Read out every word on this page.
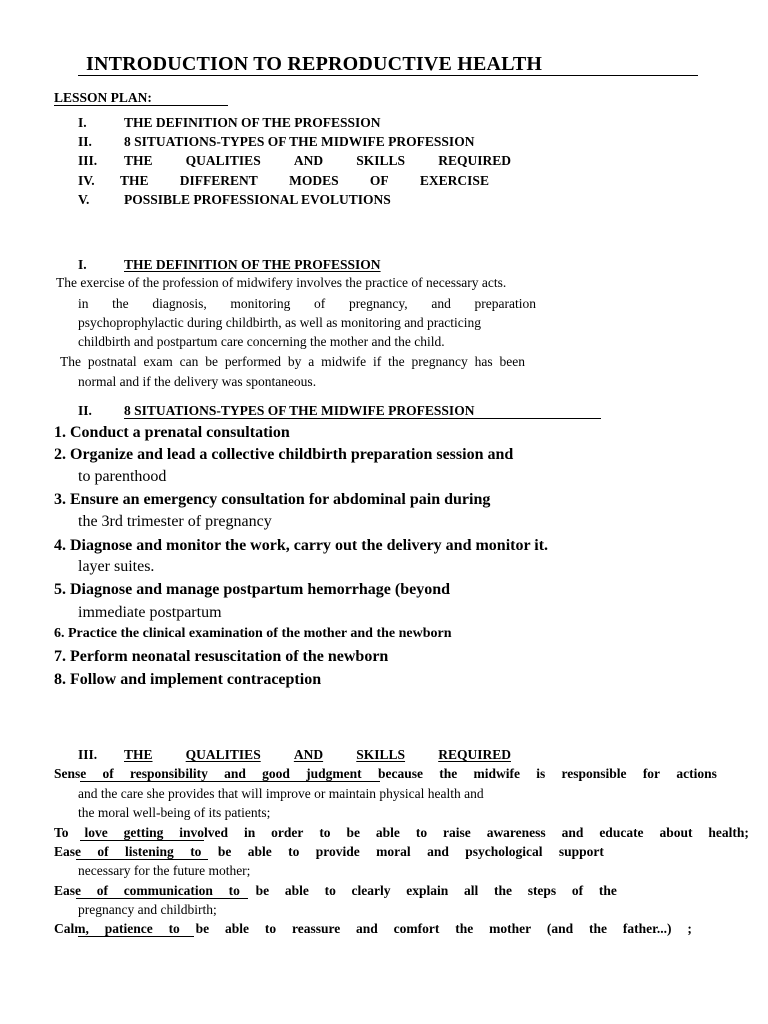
INTRODUCTION TO REPRODUCTIVE HEALTH
LESSON PLAN:
I.	THE DEFINITION OF THE PROFESSION
II. 8 SITUATIONS-TYPES OF THE MIDWIFE PROFESSION
III. THE QUALITIES AND SKILLS REQUIRED
IV. THE DIFFERENT MODES OF EXERCISE
V.	POSSIBLE PROFESSIONAL EVOLUTIONS
I.	THE DEFINITION OF THE PROFESSION
The exercise of the profession of midwifery involves the practice of necessary acts.
in the diagnosis, monitoring of pregnancy, and preparation
psychoprophylactic during childbirth, as well as monitoring and practicing
childbirth and postpartum care concerning the mother and the child.
The postnatal exam can be performed by a midwife if the pregnancy has been
normal and if the delivery was spontaneous.
II. 8 SITUATIONS-TYPES OF THE MIDWIFE PROFESSION
1. Conduct a prenatal consultation
2. Organize and lead a collective childbirth preparation session and
to parenthood
3. Ensure an emergency consultation for abdominal pain during
the 3rd trimester of pregnancy
4. Diagnose and monitor the work, carry out the delivery and monitor it.
layer suites.
5. Diagnose and manage postpartum hemorrhage (beyond
immediate postpartum
6. Practice the clinical examination of the mother and the newborn
7. Perform neonatal resuscitation of the newborn
8. Follow and implement contraception
III. THE QUALITIES AND SKILLS REQUIRED
Sense of responsibility and good judgment because the midwife is responsible for actions
and the care she provides that will improve or maintain physical health and
the moral well-being of its patients;
To love getting involved in order to be able to raise awareness and educate about health;
Ease of listening to be able to provide moral and psychological support
necessary for the future mother;
Ease of communication to be able to clearly explain all the steps of the
pregnancy and childbirth;
Calm, patience to be able to reassure and comfort the mother (and the father...) ;
